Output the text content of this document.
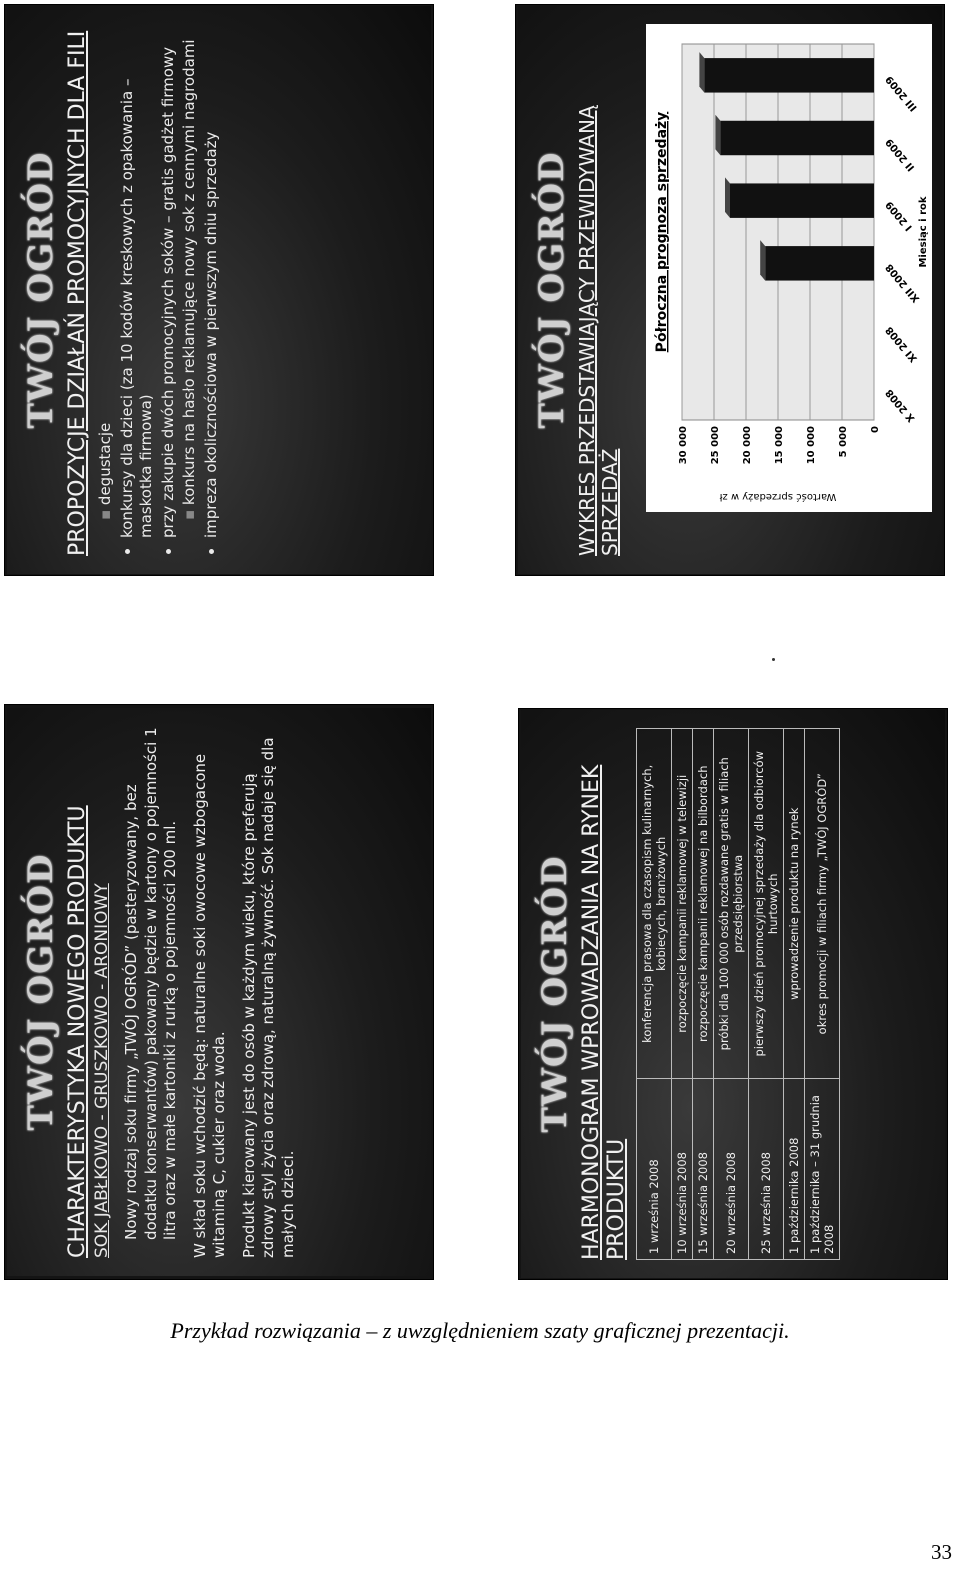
TWÓJ OGRÓD CHARAKTERYSTYKA NOWEGO PRODUKTU SOK JABŁKOWO - GRUSZKOWO - ARONIOWY Nowy rodzaj soku firmy „TWÓJ OGRÓD” (pasteryzowany, bez dodatku konserwantów) pakowany będzie w kartony o pojemności 1 litra oraz w małe kartoniki z rurką o pojemności 200 ml. W skład soku wchodzić będą: naturalne soki owocowe wzbogacone witaminą C, cukier oraz woda. Produkt kierowany jest do osób w każdym wieku, które preferują zdrowy styl życia oraz zdrową, naturalną żywność. Sok nadaje się dla małych dzieci.
TWÓJ OGRÓD WYKRES PRZEDSTAWIAJĄCY PRZEWIDYWANĄ SPRZEDAŻ
Półroczna prognoza sprzedaży
0
5 000
10 000
15 000
20 000
25 000
30 000
Wartość sprzedaży w zł
X 2008
XI 2008
XII 2008
I 2009
II 2009
III 2009
Miesiąc i rok
TWÓJ OGRÓD HARMONOGRAM WPROWADZANIA NA RYNEK PRODUKTU 1 września 2008	konferencja prasowa dla czasopism kulinarnych, kobiecych, branżowych
10 września 2008	rozpoczęcie kampanii reklamowej w telewizji
15 września 2008	rozpoczęcie kampanii reklamowej na bilbordach
20 września 2008	próbki dla 100 000 osób rozdawane gratis w filiach przedsiębiorstwa
25 września 2008	pierwszy dzień promocyjnej sprzedaży dla odbiorców hurtowych
1 października 2008	wprowadzenie produktu na rynek
1 października – 31 grudnia 2008	okres promocji w filiach firmy „TWÓJ OGRÓD”
TWÓJ OGRÓD PROPOZYCJE DZIAŁAŃ PROMOCYJNYCH DLA FILI ▪ degustacje • konkursy dla dzieci (za 10 kodów kreskowych z opakowania – maskotka firmowa) • przy zakupie dwóch promocyjnych soków – gratis gadżet firmowy ▪ konkurs na hasło reklamujące nowy sok z cennymi nagrodami • impreza okolicznościowa w pierwszym dniu sprzedaży
Przykład rozwiązania – z uwzględnieniem szaty graficznej prezentacji.
33
